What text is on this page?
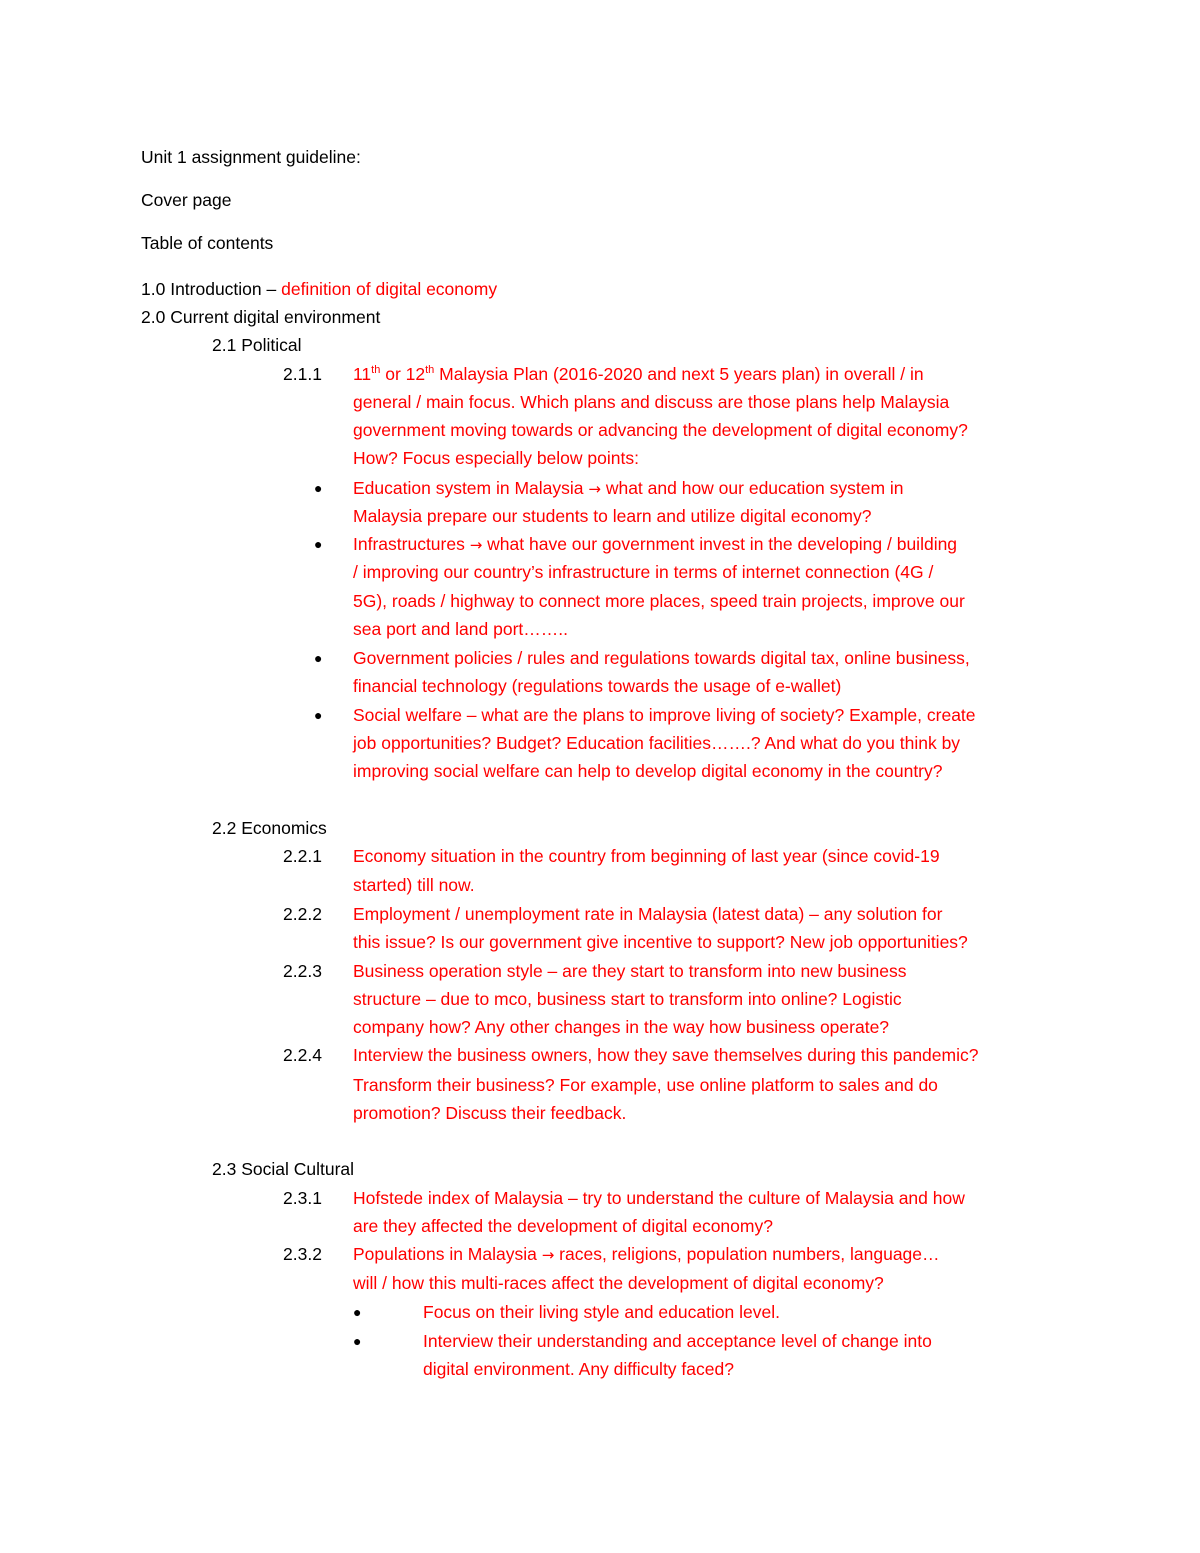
Unit 1 assignment guideline:
Cover page
Table of contents
1.0 Introduction – definition of digital economy
2.0 Current digital environment
2.1 Political
2.1.1 11th or 12th Malaysia Plan (2016-2020 and next 5 years plan) in overall / in
general / main focus. Which plans and discuss are those plans help Malaysia
government moving towards or advancing the development of digital economy?
How? Focus especially below points:
● Education system in Malaysia → what and how our education system in
Malaysia prepare our students to learn and utilize digital economy?
● Infrastructures → what have our government invest in the developing / building
/ improving our country’s infrastructure in terms of internet connection (4G /
5G), roads / highway to connect more places, speed train projects, improve our
sea port and land port……..
● Government policies / rules and regulations towards digital tax, online business,
financial technology (regulations towards the usage of e-wallet)
● Social welfare – what are the plans to improve living of society? Example, create
job opportunities? Budget? Education facilities…….? And what do you think by
improving social welfare can help to develop digital economy in the country?
2.2 Economics
2.2.1 Economy situation in the country from beginning of last year (since covid-19
started) till now.
2.2.2 Employment / unemployment rate in Malaysia (latest data) – any solution for
this issue? Is our government give incentive to support? New job opportunities?
2.2.3 Business operation style – are they start to transform into new business
structure – due to mco, business start to transform into online? Logistic
company how? Any other changes in the way how business operate?
2.2.4 Interview the business owners, how they save themselves during this pandemic?
Transform their business? For example, use online platform to sales and do
promotion? Discuss their feedback.
2.3 Social Cultural
2.3.1 Hofstede index of Malaysia – try to understand the culture of Malaysia and how
are they affected the development of digital economy?
2.3.2 Populations in Malaysia → races, religions, population numbers, language…
will / how this multi-races affect the development of digital economy?
●	Focus on their living style and education level.
●	Interview their understanding and acceptance level of change into
digital environment. Any difficulty faced?
